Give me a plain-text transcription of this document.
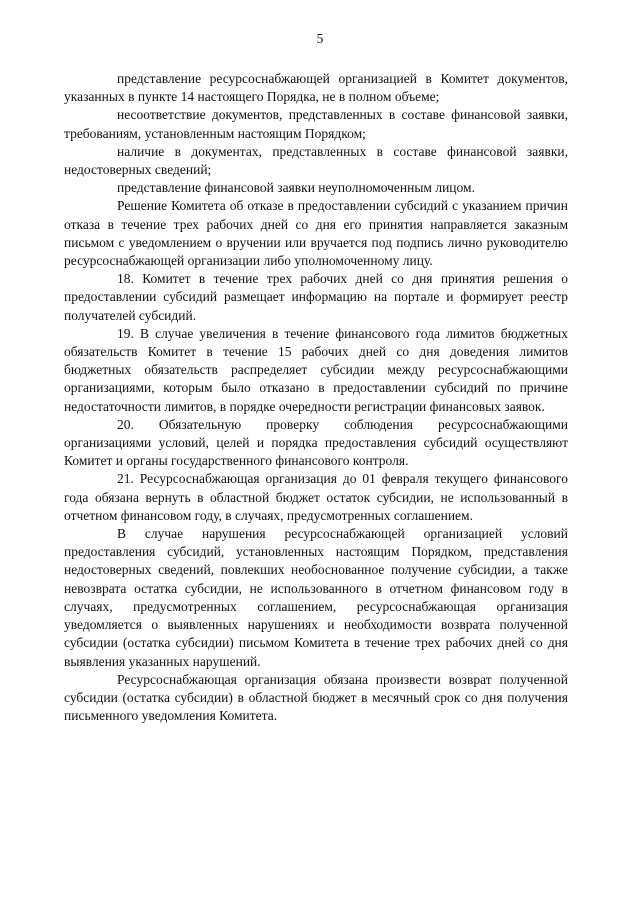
5

представление ресурсоснабжающей организацией в Комитет документов, указанных в пункте 14 настоящего Порядка, не в полном объеме;

несоответствие документов, представленных в составе финансовой заявки, требованиям, установленным настоящим Порядком;

наличие в документах, представленных в составе финансовой заявки, недостоверных сведений;

представление финансовой заявки неуполномоченным лицом.

Решение Комитета об отказе в предоставлении субсидий с указанием причин отказа в течение трех рабочих дней со дня его принятия направляется заказным письмом с уведомлением о вручении или вручается под подпись лично руководителю ресурсоснабжающей организации либо уполномоченному лицу.

18. Комитет в течение трех рабочих дней со дня принятия решения о предоставлении субсидий размещает информацию на портале и формирует реестр получателей субсидий.

19. В случае увеличения в течение финансового года лимитов бюджетных обязательств Комитет в течение 15 рабочих дней со дня доведения лимитов бюджетных обязательств распределяет субсидии между ресурсоснабжающими организациями, которым было отказано в предоставлении субсидий по причине недостаточности лимитов, в порядке очередности регистрации финансовых заявок.

20. Обязательную проверку соблюдения ресурсоснабжающими организациями условий, целей и порядка предоставления субсидий осуществляют Комитет и органы государственного финансового контроля.

21. Ресурсоснабжающая организация до 01 февраля текущего финансового года обязана вернуть в областной бюджет остаток субсидии, не использованный в отчетном финансовом году, в случаях, предусмотренных соглашением.

В случае нарушения ресурсоснабжающей организацией условий предоставления субсидий, установленных настоящим Порядком, представления недостоверных сведений, повлекших необоснованное получение субсидии, а также невозврата остатка субсидии, не использованного в отчетном финансовом году в случаях, предусмотренных соглашением, ресурсоснабжающая организация уведомляется о выявленных нарушениях и необходимости возврата полученной субсидии (остатка субсидии) письмом Комитета в течение трех рабочих дней со дня выявления указанных нарушений.

Ресурсоснабжающая организация обязана произвести возврат полученной субсидии (остатка субсидии) в областной бюджет в месячный срок со дня получения письменного уведомления Комитета.
